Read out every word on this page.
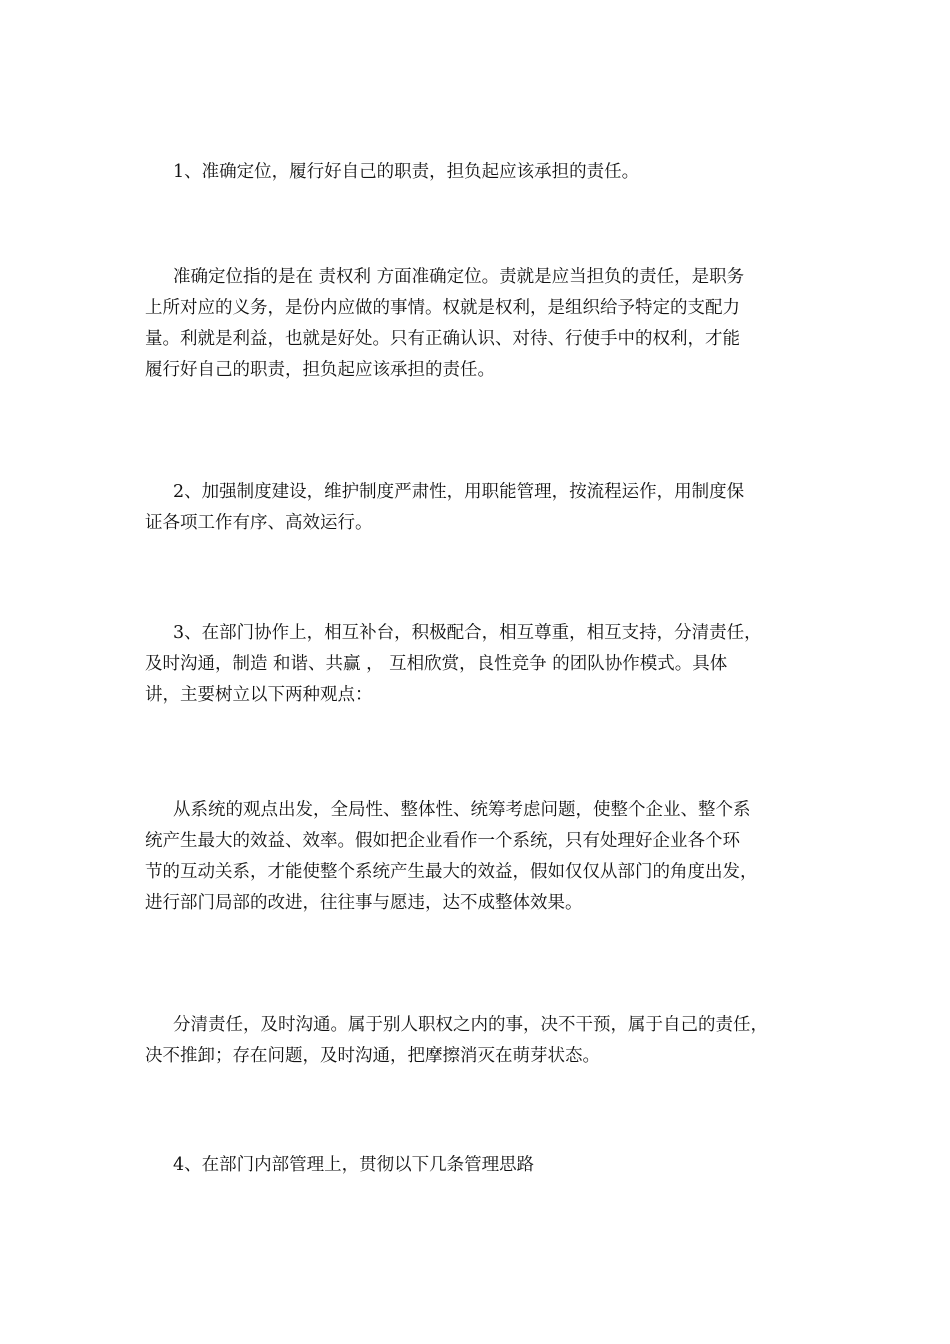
1、准确定位，履行好自己的职责，担负起应该承担的责任。

准确定位指的是在 责权利 方面准确定位。责就是应当担负的责任，是职务
上所对应的义务，是份内应做的事情。权就是权利，是组织给予特定的支配力
量。利就是利益，也就是好处。只有正确认识、对待、行使手中的权利，才能
履行好自己的职责，担负起应该承担的责任。

2、加强制度建设，维护制度严肃性，用职能管理，按流程运作，用制度保
证各项工作有序、高效运行。

3、在部门协作上，相互补台，积极配合，相互尊重，相互支持，分清责任，
及时沟通，制造 和谐、共赢 ， 互相欣赏，良性竞争 的团队协作模式。具体
讲，主要树立以下两种观点：

从系统的观点出发，全局性、整体性、统筹考虑问题，使整个企业、整个系
统产生最大的效益、效率。假如把企业看作一个系统，只有处理好企业各个环
节的互动关系，才能使整个系统产生最大的效益，假如仅仅从部门的角度出发，
进行部门局部的改进，往往事与愿违，达不成整体效果。

分清责任，及时沟通。属于别人职权之内的事，决不干预，属于自己的责任，
决不推卸；存在问题，及时沟通，把摩擦消灭在萌芽状态。

4、在部门内部管理上，贯彻以下几条管理思路
